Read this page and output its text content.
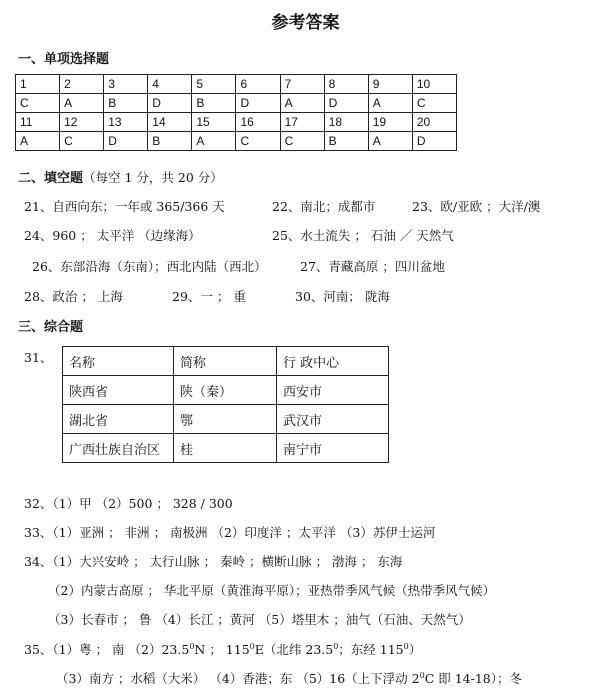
参考答案
一、单项选择题
1	2	3	4	5	6	7	8	9	10
C	A	B	D	B	D	A	D	A	C
11	12	13	14	15	16	17	18	19	20
A	C	D	B	A	C	C	B	A	D
二、填空题（每空 1 分，共 20 分）
21、自西向东；一年或 365/366 天	22、南北；成都市	23、欧/亚欧 ；大洋/澳
24、960 ； 太平洋 （边缘海）	25、水土流失 ； 石油 ／ 天然气
26、东部沿海（东南）；西北内陆（西北）	27、青藏高原 ；四川盆地
28、政治 ； 上海	29、一 ； 重	30、河南； 陇海
三、综合题
31、 名称	简称	行 政中心
陕西省	陕（秦）	西安市
湖北省	鄂	武汉市
广西壮族自治区	桂	南宁市
32、（1）甲 （2）500 ； 328 / 300
33、（1）亚洲 ； 非洲 ； 南极洲 （2）印度洋 ；太平洋 （3）苏伊士运河
34、（1）大兴安岭 ； 太行山脉 ； 秦岭 ；横断山脉 ； 渤海 ； 东海
（2）内蒙古高原 ； 华北平原（黄淮海平原）；亚热带季风气候（热带季风气候）
（3）长春市 ； 鲁 （4）长江 ；黄河 （5）塔里木 ；油气（石油、天然气）
35、（1）粤 ； 南 （2）23.5$^0$N ； $115^0E$（北纬 23.5$^0$；东经 $115^0$）
（3）南方 ；水稻（大米） （4）香港；东 （5）16（上下浮动 $2^0C$ 即 14-18）；冬
